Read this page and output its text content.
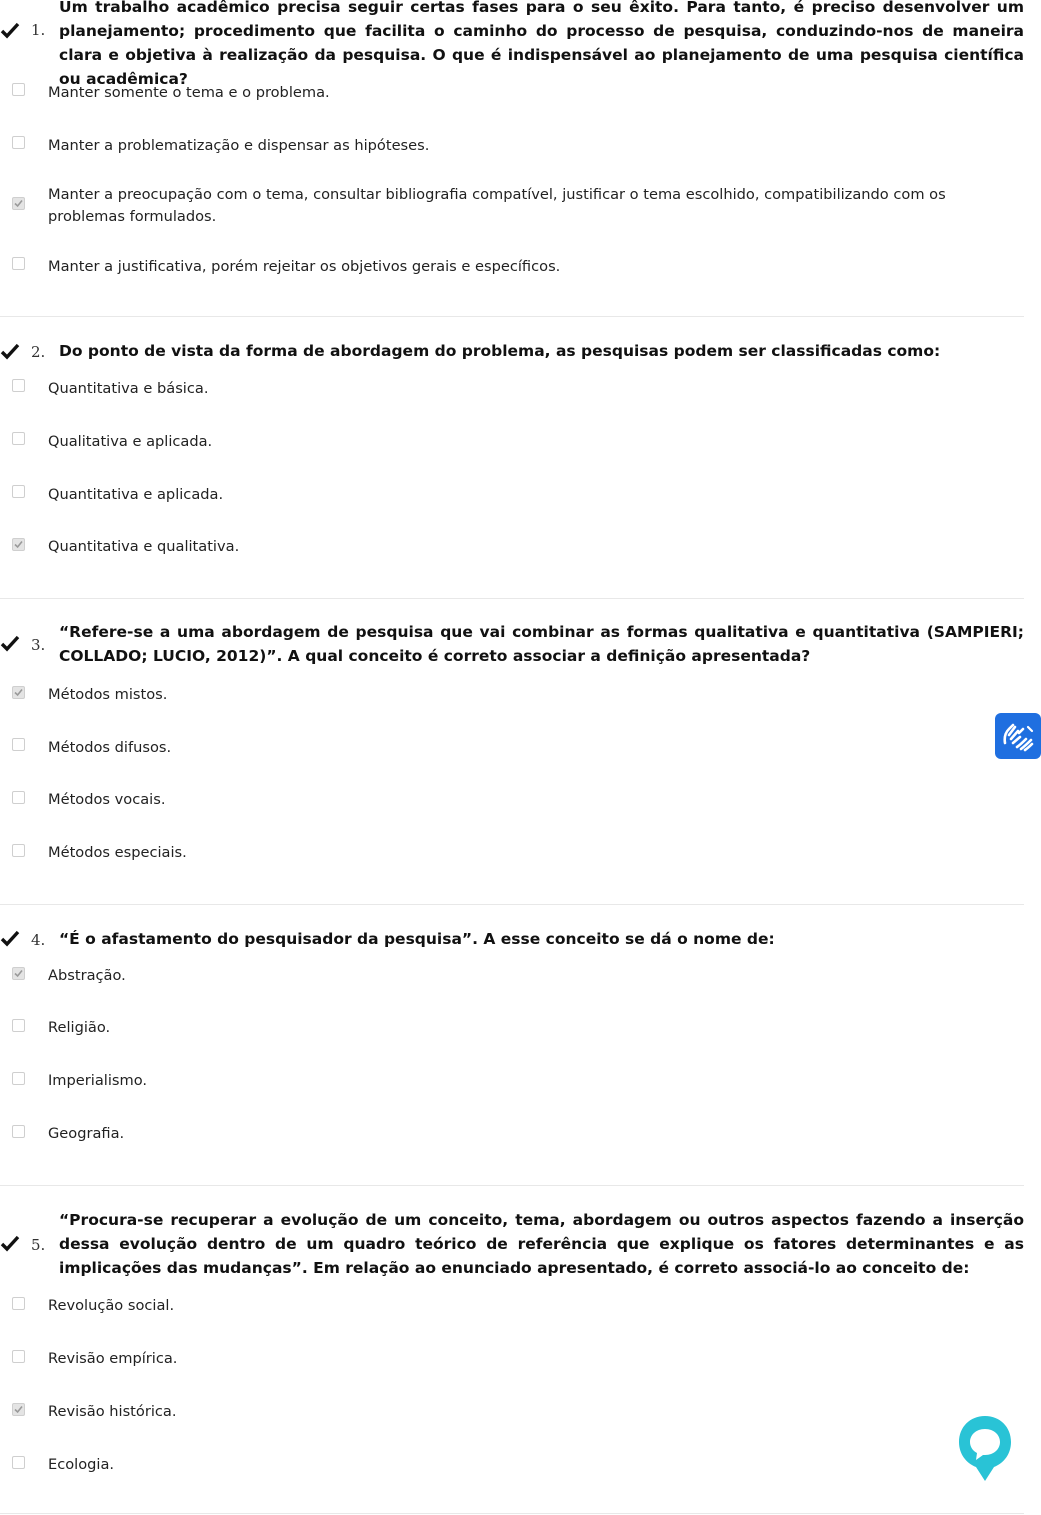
1.

Um trabalho acadêmico precisa seguir certas fases para o seu êxito. Para tanto, é preciso desenvolver um planejamento; procedimento que facilita o caminho do processo de pesquisa, conduzindo-nos de maneira clara e objetiva à realização da pesquisa. O que é indispensável ao planejamento de uma pesquisa científica ou acadêmica?

Manter somente o tema e o problema.
Manter a problematização e dispensar as hipóteses.
Manter a preocupação com o tema, consultar bibliografia compatível, justificar o tema escolhido, compatibilizando com os problemas formulados.
Manter a justificativa, porém rejeitar os objetivos gerais e específicos.
2. Do ponto de vista da forma de abordagem do problema, as pesquisas podem ser classificadas como:

Quantitativa e básica.
Qualitativa e aplicada.
Quantitativa e aplicada.
Quantitativa e qualitativa.
3.

“Refere-se a uma abordagem de pesquisa que vai combinar as formas qualitativa e quantitativa (SAMPIERI; COLLADO; LUCIO, 2012)”. A qual conceito é correto associar a definição apresentada?

Métodos mistos.
Métodos difusos.
Métodos vocais.
Métodos especiais.
4. “É o afastamento do pesquisador da pesquisa”. A esse conceito se dá o nome de:

Abstração.
Religião.
Imperialismo.
Geografia.
5.

“Procura-se recuperar a evolução de um conceito, tema, abordagem ou outros aspectos fazendo a inserção dessa evolução dentro de um quadro teórico de referência que explique os fatores determinantes e as implicações das mudanças”. Em relação ao enunciado apresentado, é correto associá-lo ao conceito de:

Revolução social.
Revisão empírica.
Revisão histórica.
Ecologia.
